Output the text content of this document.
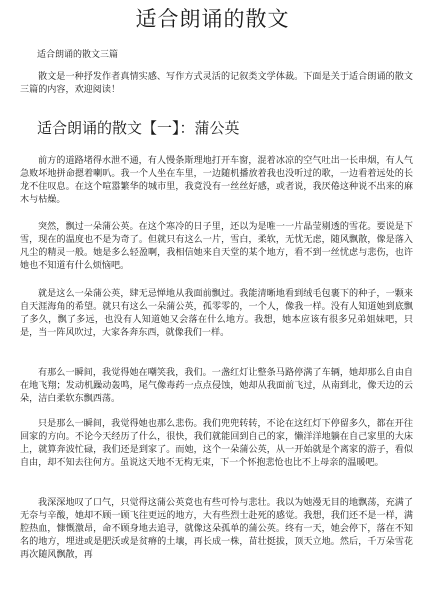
适合朗诵的散文
适合朗诵的散文三篇

散文是一种抒发作者真情实感、写作方式灵活的记叙类文学体裁。下面是关于适合朗诵的散文三篇的内容，欢迎阅读！

适合朗诵的散文【一】：蒲公英

前方的道路堵得水泄不通，有人慢条斯理地打开车窗，混着冰凉的空气吐出一长串烟，有人气急败坏地拼命摁着喇叭。我一个人坐在车里，一边随机播放着我也没听过的歌，一边看着远处的长龙不住叹息。在这个喧嚣繁华的城市里，我竟没有一丝丝好感，或者说，我厌倦这种说不出来的麻木与枯燥。

突然，飘过一朵蒲公英。在这个寒冷的日子里，还以为是唯一一片晶莹剔透的雪花。要说是下雪，现在的温度也不是为奇了。但就只有这么一片，雪白，柔软，无忧无虑，随风飘散，像是落入凡尘的精灵一般。她是多么轻盈啊，我相信她来自天堂的某个地方，看不到一丝忧虑与悲伤，也许她也不知道有什么烦恼吧。

就是这么一朵蒲公英，肆无忌惮地从我面前飘过。我能清晰地看到绒毛包裹下的种子，一颗来自天涯海角的希望。就只有这么一朵蒲公英，孤零零的，一个人，像我一样。没有人知道她到底飘了多久，飘了多远，也没有人知道她又会落在什么地方。我想，她本应该有很多兄弟姐妹吧，只是，当一阵风吹过，大家各奔东西，就像我们一样。

有那么一瞬间，我觉得她在嘲笑我，我们。一盏红灯让整条马路停满了车辆，她却那么自由自在地飞翔；发动机躁动轰鸣，尾气像毒药一点点侵蚀，她却从我面前飞过，从南到北，像天边的云朵，洁白柔软东飘西荡。

只是那么一瞬间，我觉得她也那么悲伤。我们兜兜转转，不论在这红灯下停留多久，都在开往回家的方向。不论今天经历了什么，很快，我们就能回到自己的家，懒洋洋地躺在自己家里的大床上，就算奔波忙碌，我们还是到家了。而她，这个一朵蒲公英，从一开始就是个离家的游子，看似自由，却不知去往何方。虽说这天地不无构无束，下一个怀抱悲怆也比不上母亲的温暖吧。

我深深地叹了口气，只觉得这蒲公英竟也有些可怜与悲壮。我以为她漫无目的地飘荡，充满了无奈与辛酸，她却不顾一顾飞往更远的地方，大有些烈士赴死的感觉。我想，我们还不是一样，满腔热血，慷慨激昂，命不顾身地去追寻，就像这朵孤单的蒲公英。终有一天，她会停下，落在不知名的地方，埋进或是肥沃或是贫瘠的土壤，再长成一株，苗壮挺拔，顶天立地。然后，千万朵雪花再次随风飘散，再
